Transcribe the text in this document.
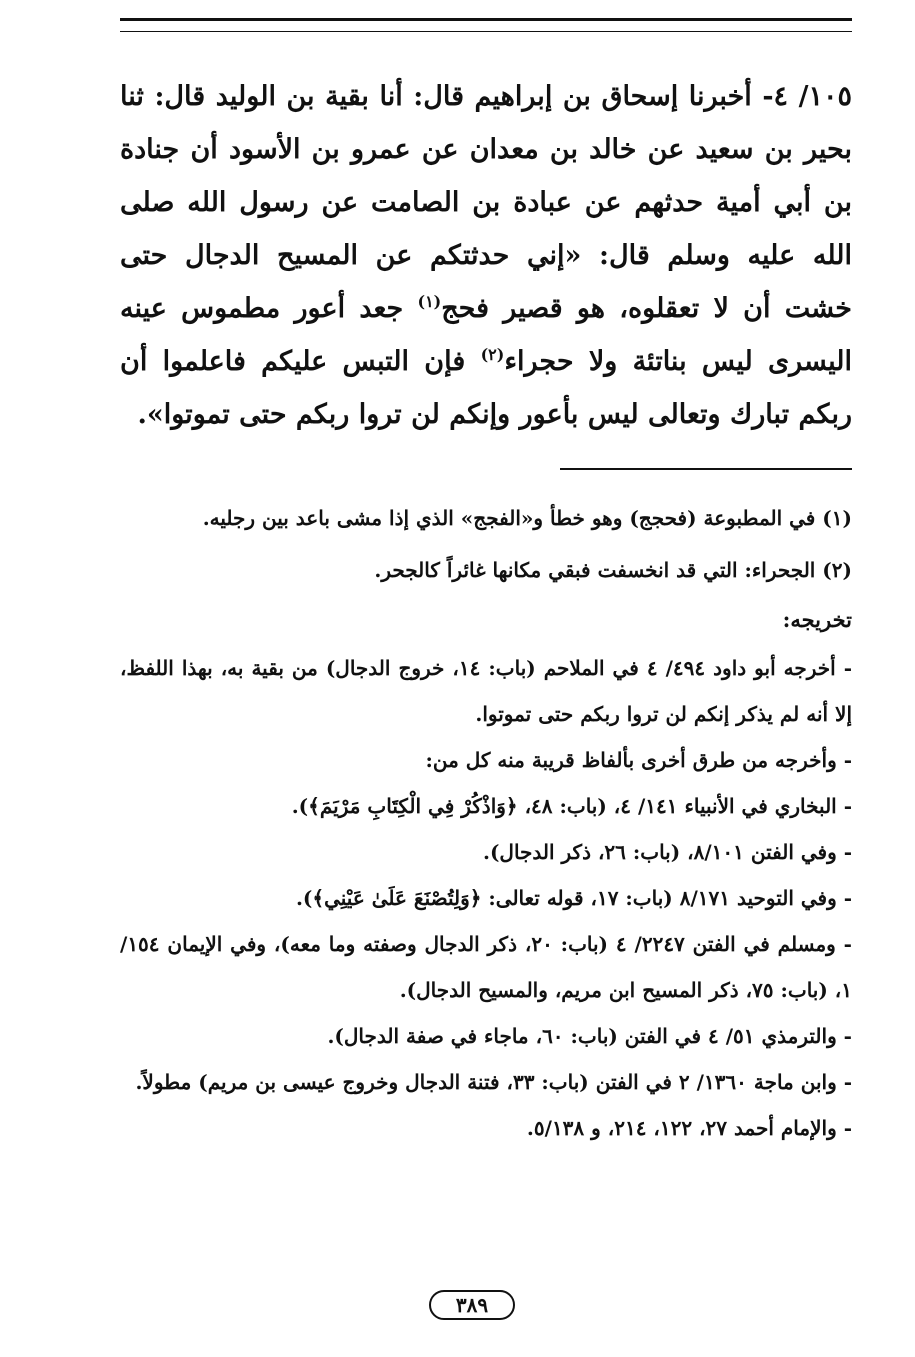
١٠٥/ ٤- أخبرنا إسحاق بن إبراهيم قال: أنا بقية بن الوليد قال: ثنا بحير بن سعيد عن خالد بن معدان عن عمرو بن الأسود أن جنادة بن أبي أمية حدثهم عن عبادة بن الصامت عن رسول الله صلى الله عليه وسلم قال: «إني حدثتكم عن المسيح الدجال حتى خشت أن لا تعقلوه، هو قصير فحج$^{(١)}$ جعد أعور مطموس عينه اليسرى ليس بناتئة ولا حجراء$^{(٢)}$ فإن التبس عليكم فاعلموا أن ربكم تبارك وتعالى ليس بأعور وإنكم لن تروا ربكم حتى تموتوا».

(١) في المطبوعة (فحجج) وهو خطأ و«الفجج» الذي إذا مشى باعد بين رجليه.

(٢) الجحراء: التي قد انخسفت فبقي مكانها غائراً كالجحر.

تخريجه:

- أخرجه أبو داود ٤٩٤/ ٤ في الملاحم (باب: ١٤، خروج الدجال) من بقية به، بهذا اللفظ، إلا أنه لم يذكر إنكم لن تروا ربكم حتى تموتوا.

- وأخرجه من طرق أخرى بألفاظ قريبة منه كل من:

- البخاري في الأنبياء ١٤١/ ٤، (باب: ٤٨، ﴿وَاذْكُرْ فِي الْكِتَابِ مَرْيَمَ﴾).

- وفي الفتن ٨/١٠١، (باب: ٢٦، ذكر الدجال).

- وفي التوحيد ٨/١٧١ (باب: ١٧، قوله تعالى: ﴿وَلِتُصْنَعَ عَلَىٰ عَيْنِي﴾).

- ومسلم في الفتن ٢٢٤٧/ ٤ (باب: ٢٠، ذكر الدجال وصفته وما معه)، وفي الإيمان ١٥٤/ ١، (باب: ٧٥، ذكر المسيح ابن مريم، والمسيح الدجال).

- والترمذي ٥١/ ٤ في الفتن (باب: ٦٠، ماجاء في صفة الدجال).

- وابن ماجة ١٣٦٠/ ٢ في الفتن (باب: ٣٣، فتنة الدجال وخروج عيسى بن مريم) مطولاً.

- والإمام أحمد ٢٧، ١٢٢، ٢١٤، و ٥/١٣٨.

٣٨٩
